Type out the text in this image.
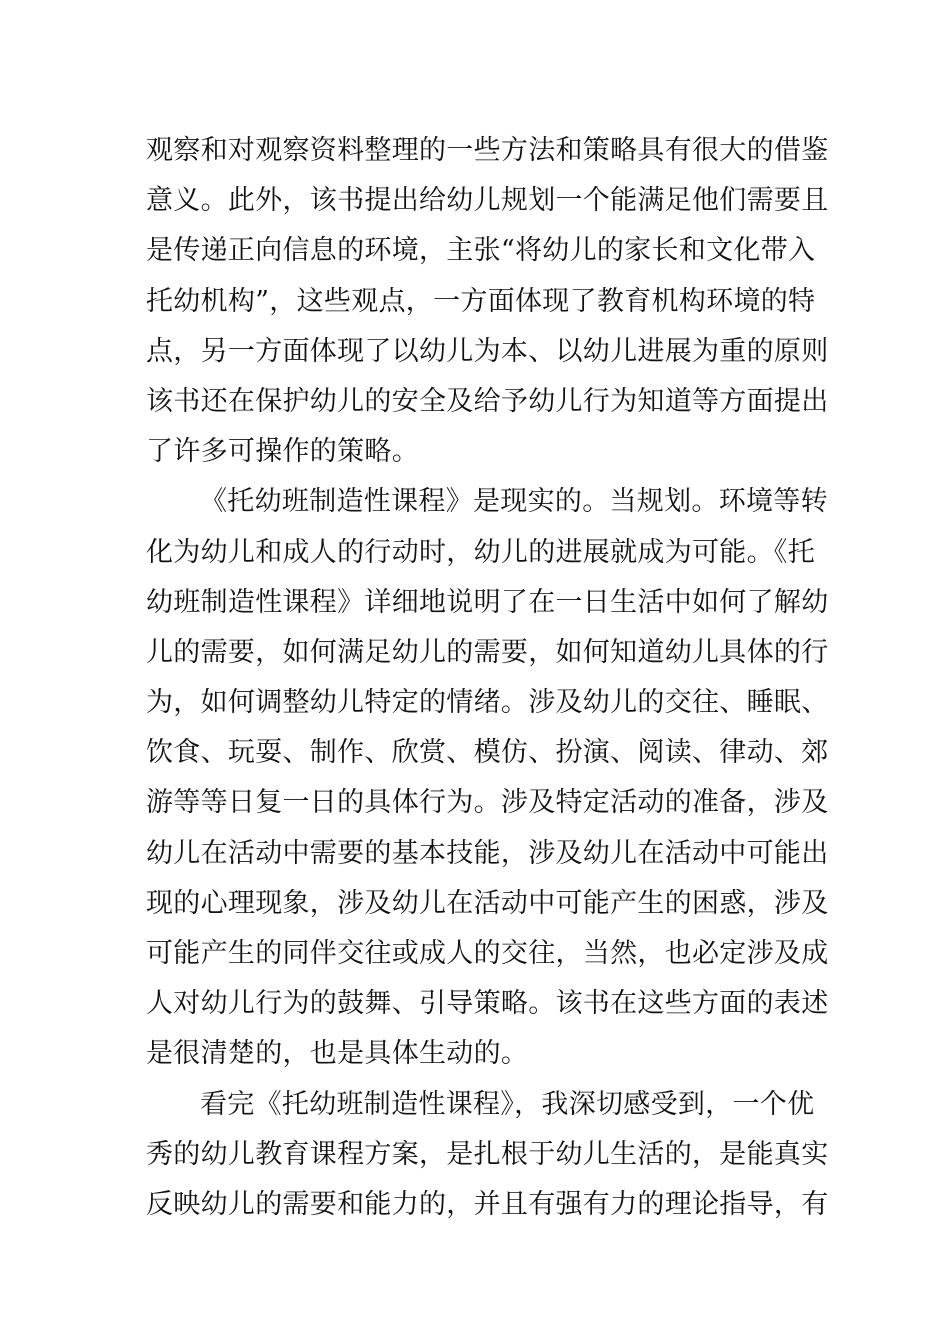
观察和对观察资料整理的一些方法和策略具有很大的借鉴
意义。此外，该书提出给幼儿规划一个能满足他们需要且
是传递正向信息的环境，主张“将幼儿的家长和文化带入
托幼机构”，这些观点，一方面体现了教育机构环境的特
点，另一方面体现了以幼儿为本、以幼儿进展为重的原则
该书还在保护幼儿的安全及给予幼儿行为知道等方面提出
了许多可操作的策略。
《托幼班制造性课程》是现实的。当规划。环境等转
化为幼儿和成人的行动时，幼儿的进展就成为可能。《托
幼班制造性课程》详细地说明了在一日生活中如何了解幼
儿的需要，如何满足幼儿的需要，如何知道幼儿具体的行
为，如何调整幼儿特定的情绪。涉及幼儿的交往、睡眠、
饮食、玩耍、制作、欣赏、模仿、扮演、阅读、律动、郊
游等等日复一日的具体行为。涉及特定活动的准备，涉及
幼儿在活动中需要的基本技能，涉及幼儿在活动中可能出
现的心理现象，涉及幼儿在活动中可能产生的困惑，涉及
可能产生的同伴交往或成人的交往，当然，也必定涉及成
人对幼儿行为的鼓舞、引导策略。该书在这些方面的表述
是很清楚的，也是具体生动的。
看完《托幼班制造性课程》，我深切感受到，一个优
秀的幼儿教育课程方案，是扎根于幼儿生活的，是能真实
反映幼儿的需要和能力的，并且有强有力的理论指导，有
